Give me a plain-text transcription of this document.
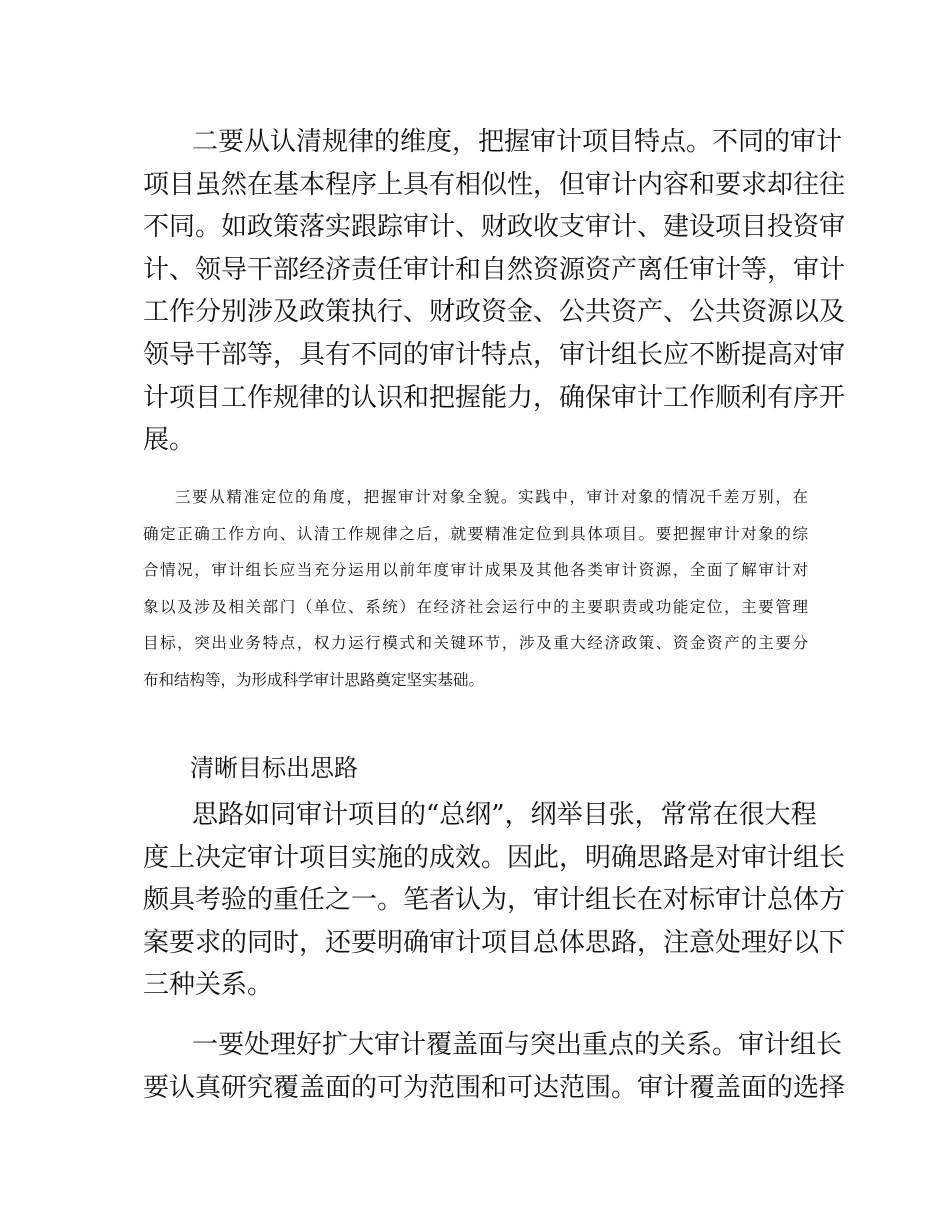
二要从认清规律的维度，把握审计项目特点。不同的审计
项目虽然在基本程序上具有相似性，但审计内容和要求却往往
不同。如政策落实跟踪审计、财政收支审计、建设项目投资审
计、领导干部经济责任审计和自然资源资产离任审计等，审计
工作分别涉及政策执行、财政资金、公共资产、公共资源以及
领导干部等，具有不同的审计特点，审计组长应不断提高对审
计项目工作规律的认识和把握能力，确保审计工作顺利有序开
展。
三要从精准定位的角度，把握审计对象全貌。实践中，审计对象的情况千差万别，在
确定正确工作方向、认清工作规律之后，就要精准定位到具体项目。要把握审计对象的综
合情况，审计组长应当充分运用以前年度审计成果及其他各类审计资源，全面了解审计对
象以及涉及相关部门（单位、系统）在经济社会运行中的主要职责或功能定位，主要管理
目标，突出业务特点，权力运行模式和关键环节，涉及重大经济政策、资金资产的主要分
布和结构等，为形成科学审计思路奠定坚实基础。
清晰目标出思路
思路如同审计项目的“总纲”，纲举目张，常常在很大程
度上决定审计项目实施的成效。因此，明确思路是对审计组长
颇具考验的重任之一。笔者认为，审计组长在对标审计总体方
案要求的同时，还要明确审计项目总体思路，注意处理好以下
三种关系。
一要处理好扩大审计覆盖面与突出重点的关系。审计组长
要认真研究覆盖面的可为范围和可达范围。审计覆盖面的选择
